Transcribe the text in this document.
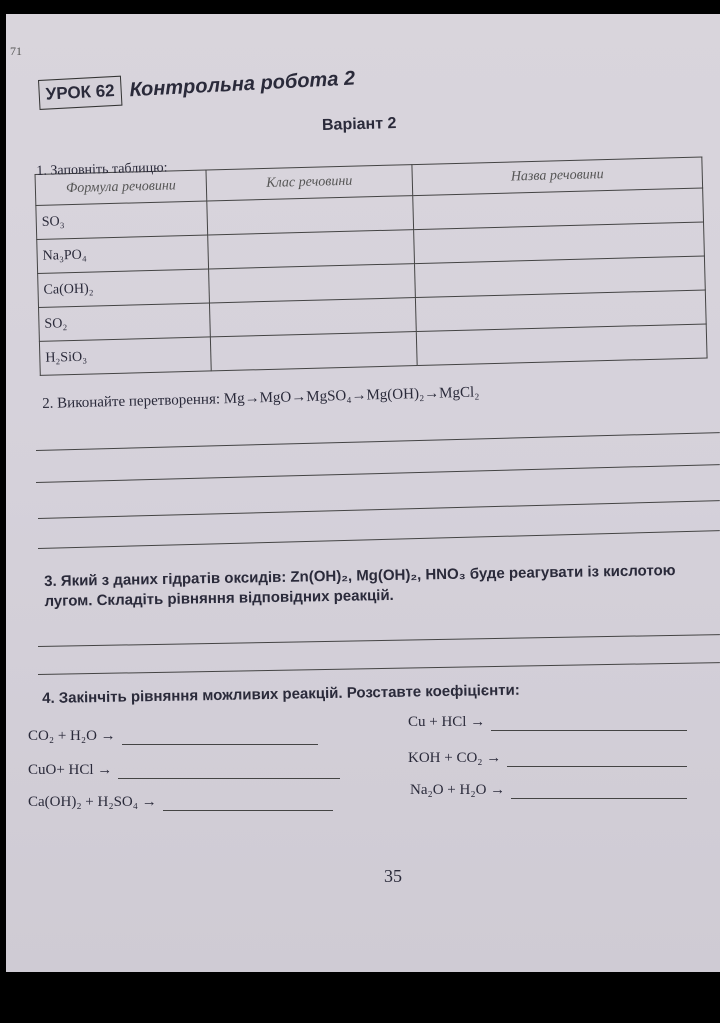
71
УРОК 62 Контрольна робота 2
Варіант 2
Формула речовини	Клас речовини	Назва речовини
SO₃		
Na₃PO₄		
Ca(OH)₂		
SO₂		
H₂SiO₃		
1. Заповніть таблицю:
2. Виконайте перетворення: Mg→MgO→MgSO₄→Mg(OH)₂→MgCl₂
3. Який з даних гідратів оксидів: Zn(OH)₂, Mg(OH)₂, HNO₃ буде реагувати із кислотою
лугом. Складіть рівняння відповідних реакцій.
4. Закінчіть рівняння можливих реакцій. Розставте коефіцієнти:
CO₂ + H₂O →
CuO+ HCl →
Ca(OH)₂ + H₂SO₄ →
Cu + HCl →
KOH + CO₂ →
Na₂O + H₂O →
35
